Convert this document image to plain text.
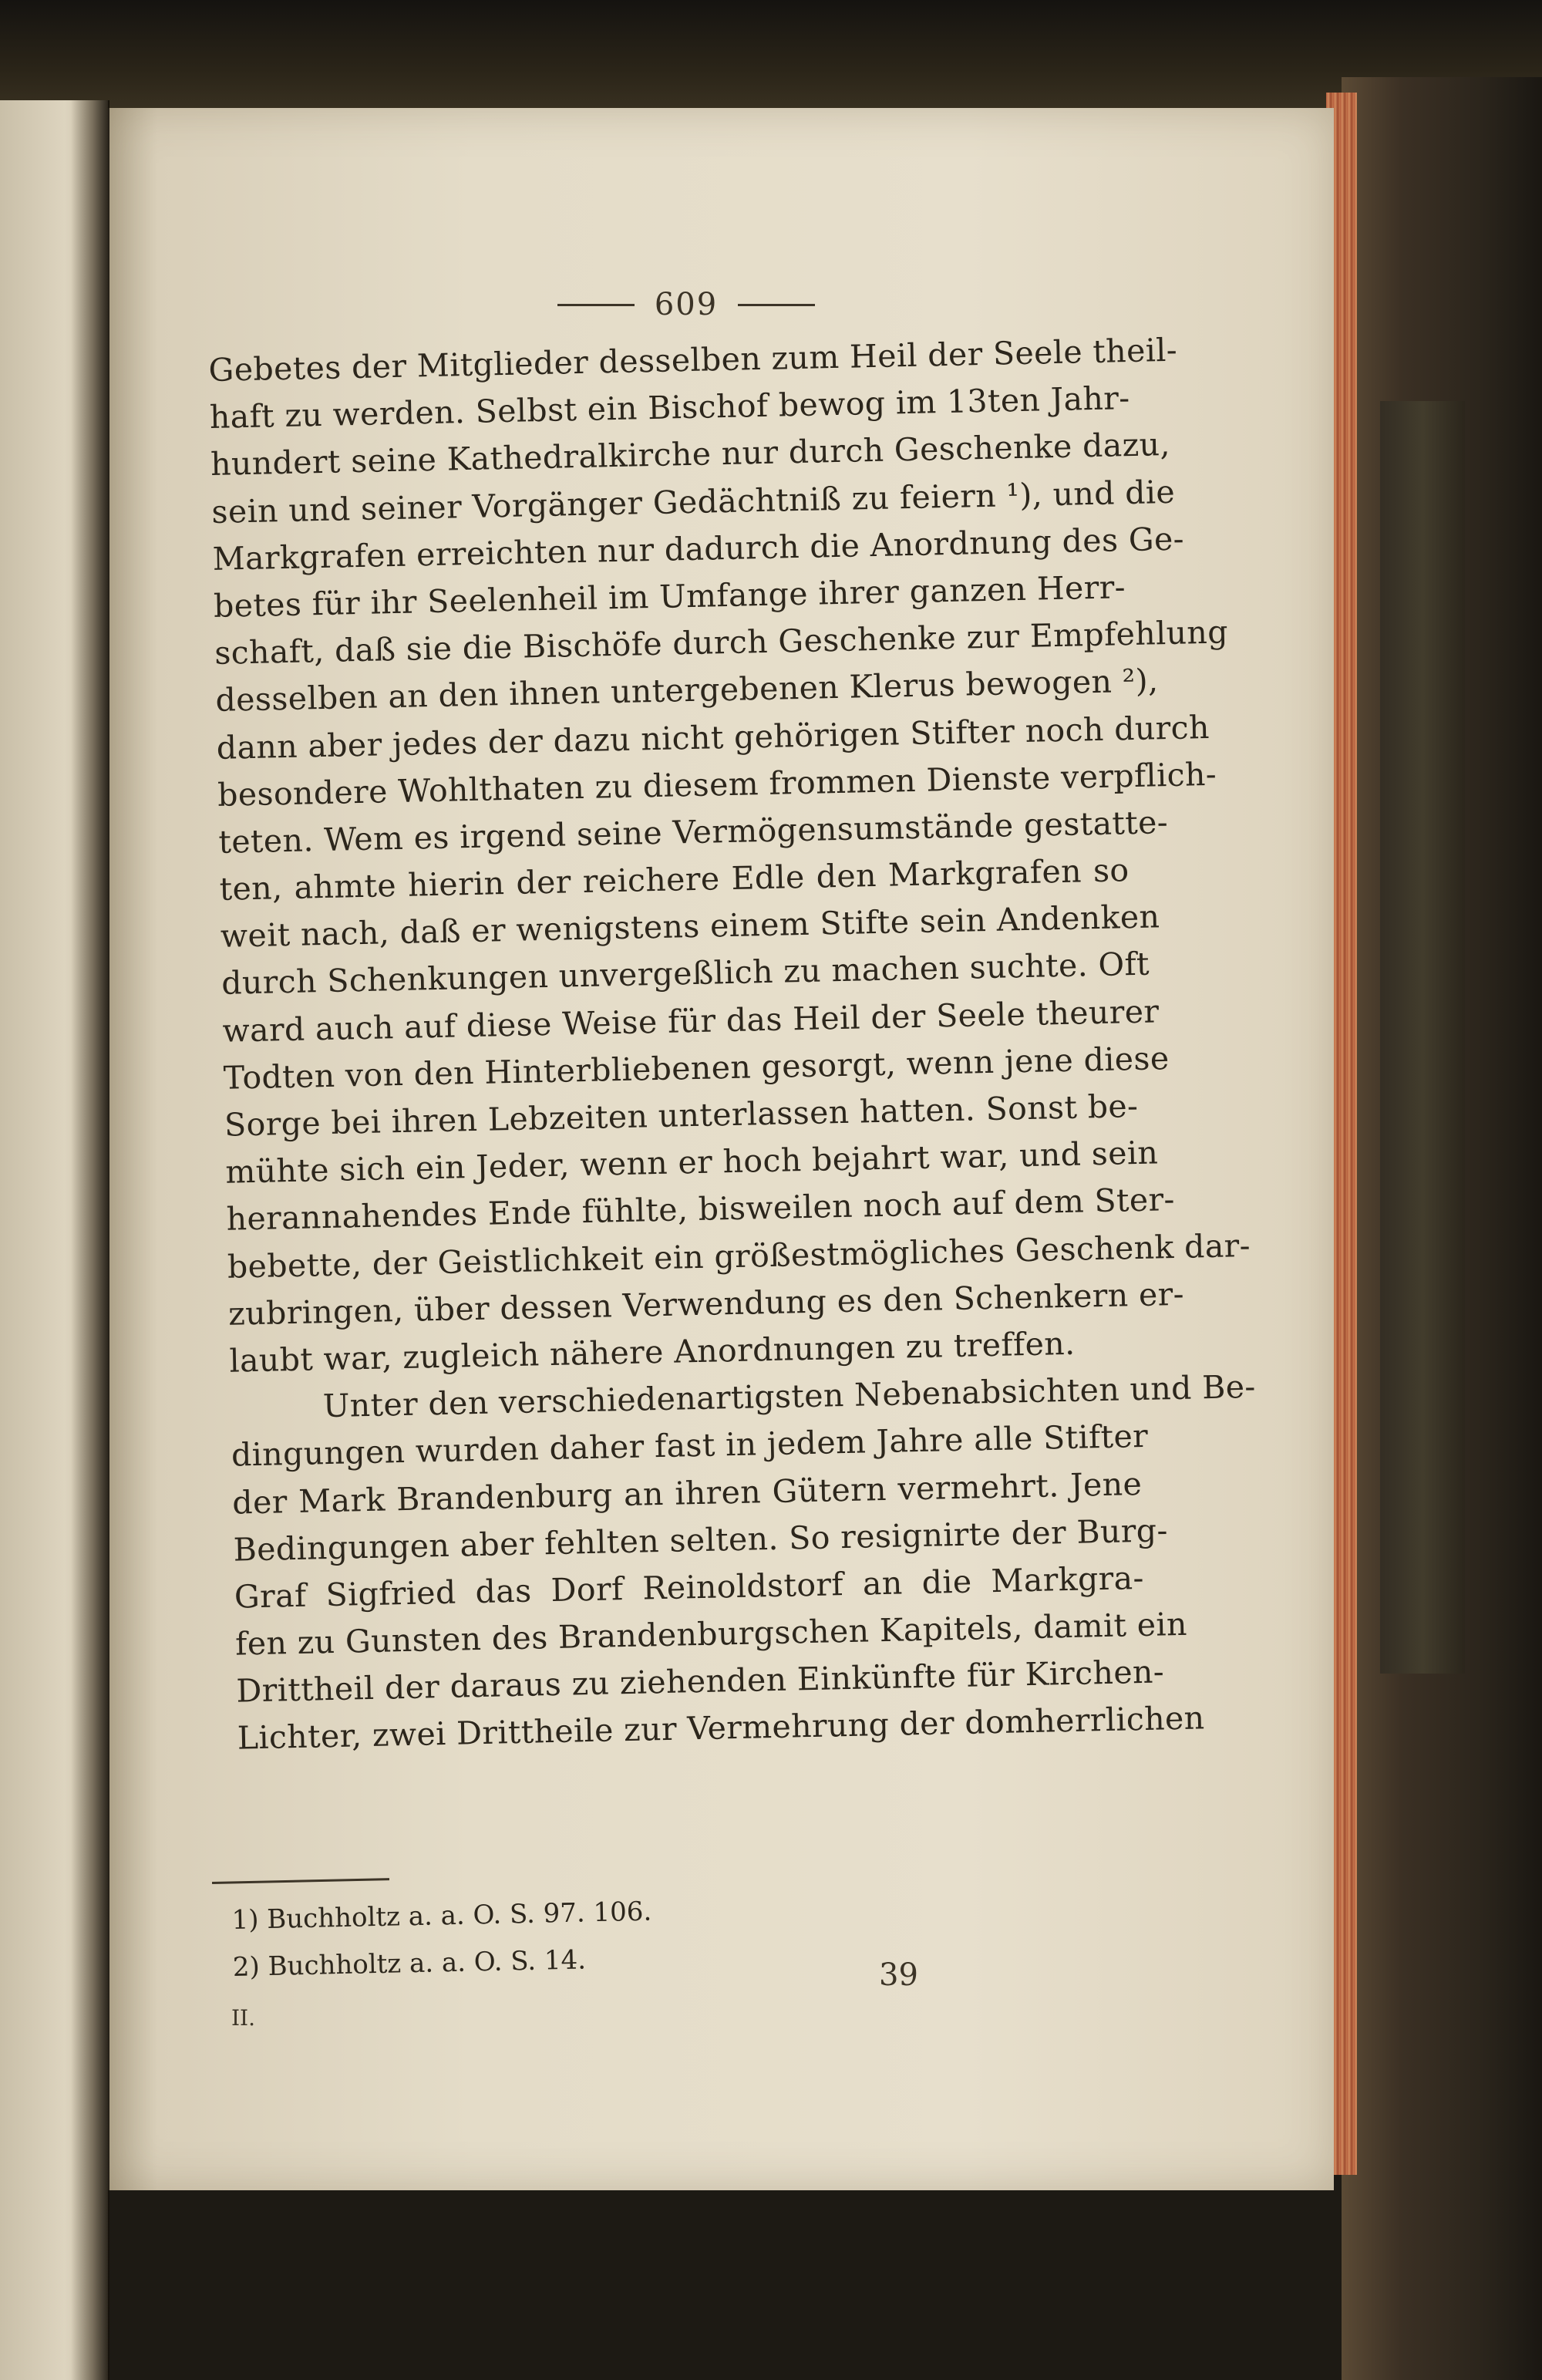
609
Gebetes der Mitglieder desselben zum Heil der Seele theil-
haft zu werden. Selbst ein Bischof bewog im 13ten Jahr-
hundert seine Kathedralkirche nur durch Geschenke dazu,
sein und seiner Vorgänger Gedächtniß zu feiern ¹), und die
Markgrafen erreichten nur dadurch die Anordnung des Ge-
betes für ihr Seelenheil im Umfange ihrer ganzen Herr-
schaft, daß sie die Bischöfe durch Geschenke zur Empfehlung
desselben an den ihnen untergebenen Klerus bewogen ²),
dann aber jedes der dazu nicht gehörigen Stifter noch durch
besondere Wohlthaten zu diesem frommen Dienste verpflich-
teten. Wem es irgend seine Vermögensumstände gestatte-
ten, ahmte hierin der reichere Edle den Markgrafen so
weit nach, daß er wenigstens einem Stifte sein Andenken
durch Schenkungen unvergeßlich zu machen suchte. Oft
ward auch auf diese Weise für das Heil der Seele theurer
Todten von den Hinterbliebenen gesorgt, wenn jene diese
Sorge bei ihren Lebzeiten unterlassen hatten. Sonst be-
mühte sich ein Jeder, wenn er hoch bejahrt war, und sein
herannahendes Ende fühlte, bisweilen noch auf dem Ster-
bebette, der Geistlichkeit ein größestmögliches Geschenk dar-
zubringen, über dessen Verwendung es den Schenkern er-
laubt war, zugleich nähere Anordnungen zu treffen.
Unter den verschiedenartigsten Nebenabsichten und Be-
dingungen wurden daher fast in jedem Jahre alle Stifter
der Mark Brandenburg an ihren Gütern vermehrt. Jene
Bedingungen aber fehlten selten. So resignirte der Burg-
Graf Sigfried das Dorf Reinoldstorf an die Markgra-
fen zu Gunsten des Brandenburgschen Kapitels, damit ein
Drittheil der daraus zu ziehenden Einkünfte für Kirchen-
Lichter, zwei Drittheile zur Vermehrung der domherrlichen
1) Buchholtz a. a. O. S. 97. 106.
2) Buchholtz a. a. O. S. 14.	39
II.
